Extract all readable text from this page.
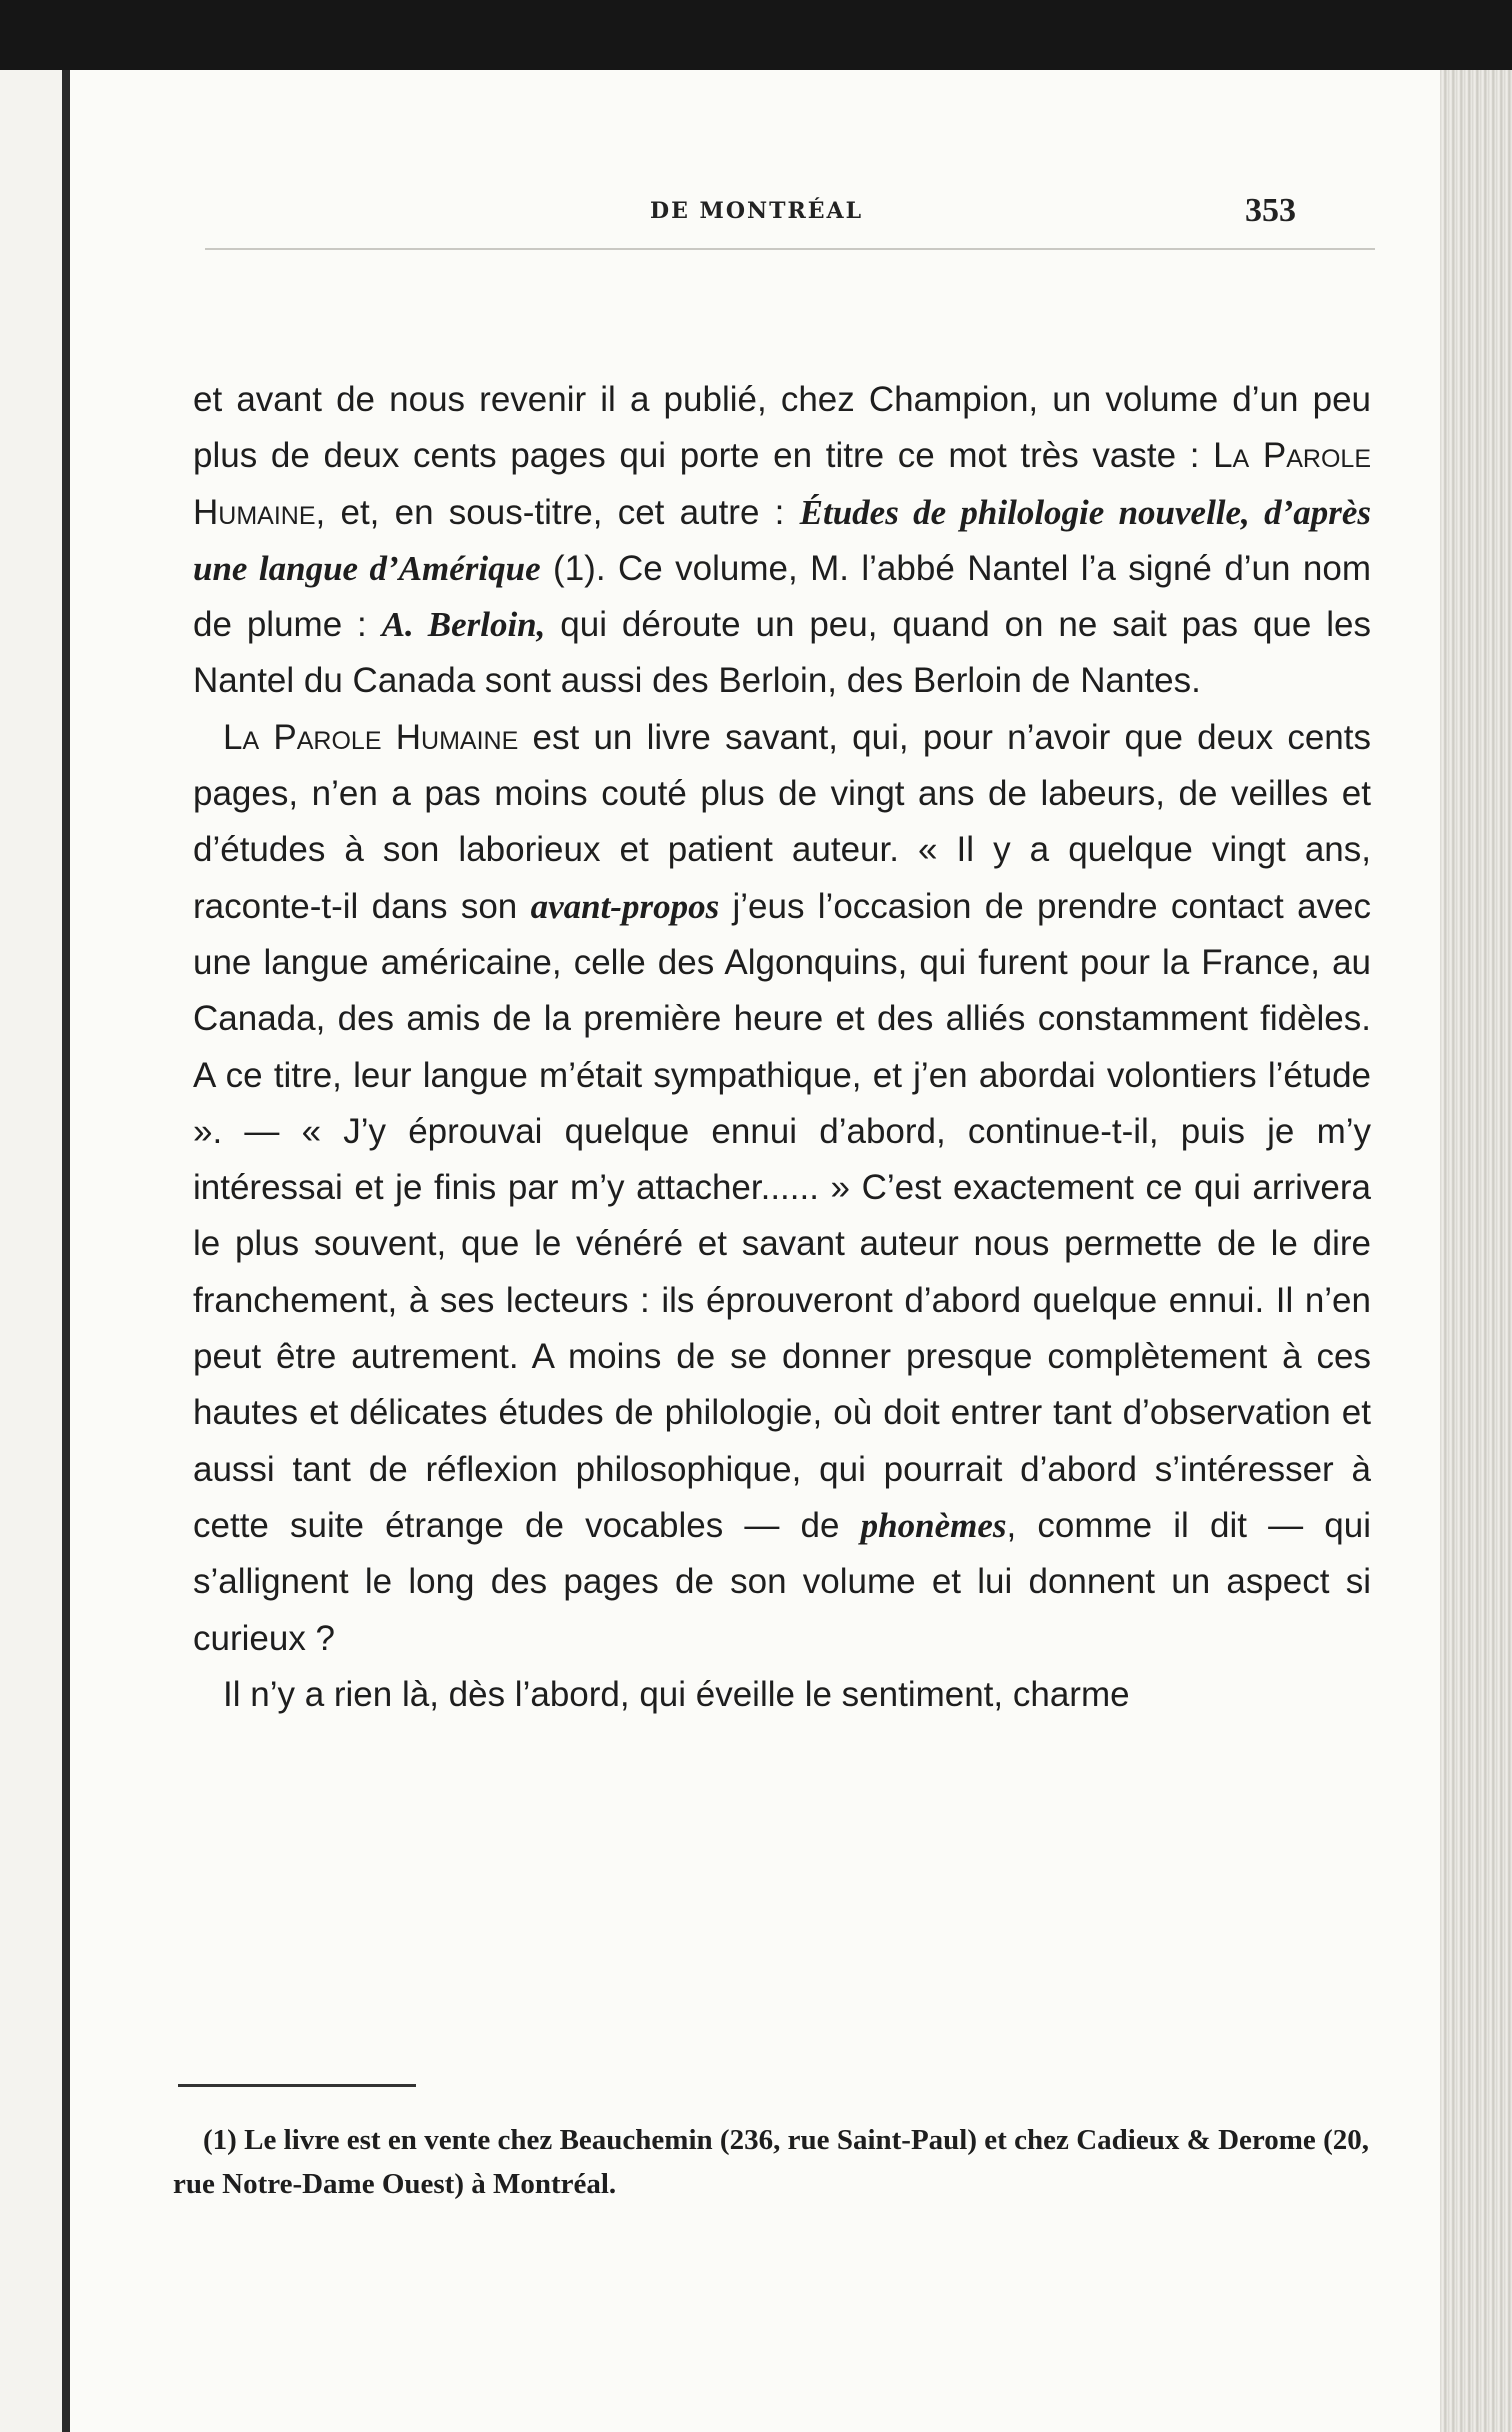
DE MONTRÉAL	353

et avant de nous revenir il a publié, chez Champion, un volume d’un peu plus de deux cents pages qui porte en titre ce mot très vaste : La Parole Humaine, et, en sous-titre, cet autre : Études de philologie nouvelle, d’après une langue d’Amérique (1). Ce volume, M. l’abbé Nantel l’a signé d’un nom de plume : A. Berloin, qui déroute un peu, quand on ne sait pas que les Nantel du Canada sont aussi des Berloin, des Berloin de Nantes.

La Parole Humaine est un livre savant, qui, pour n’avoir que deux cents pages, n’en a pas moins couté plus de vingt ans de labeurs, de veilles et d’études à son laborieux et patient auteur. « Il y a quelque vingt ans, raconte-t-il dans son avant-propos j’eus l’occasion de prendre contact avec une langue américaine, celle des Algonquins, qui furent pour la France, au Canada, des amis de la première heure et des alliés constamment fidèles. A ce titre, leur langue m’était sympathique, et j’en abordai volontiers l’étude ». — « J’y éprouvai quelque ennui d’abord, continue-t-il, puis je m’y intéressai et je finis par m’y attacher...... » C’est exactement ce qui arrivera le plus souvent, que le vénéré et savant auteur nous permette de le dire franchement, à ses lecteurs : ils éprouveront d’abord quelque ennui. Il n’en peut être autrement. A moins de se donner presque complètement à ces hautes et délicates études de philologie, où doit entrer tant d’observation et aussi tant de réflexion philosophique, qui pourrait d’abord s’intéresser à cette suite étrange de vocables — de phonèmes, comme il dit — qui s’allignent le long des pages de son volume et lui donnent un aspect si curieux ?

Il n’y a rien là, dès l’abord, qui éveille le sentiment, charme

(1) Le livre est en vente chez Beauchemin (236, rue Saint-Paul) et chez Cadieux & Derome (20, rue Notre-Dame Ouest) à Montréal.
